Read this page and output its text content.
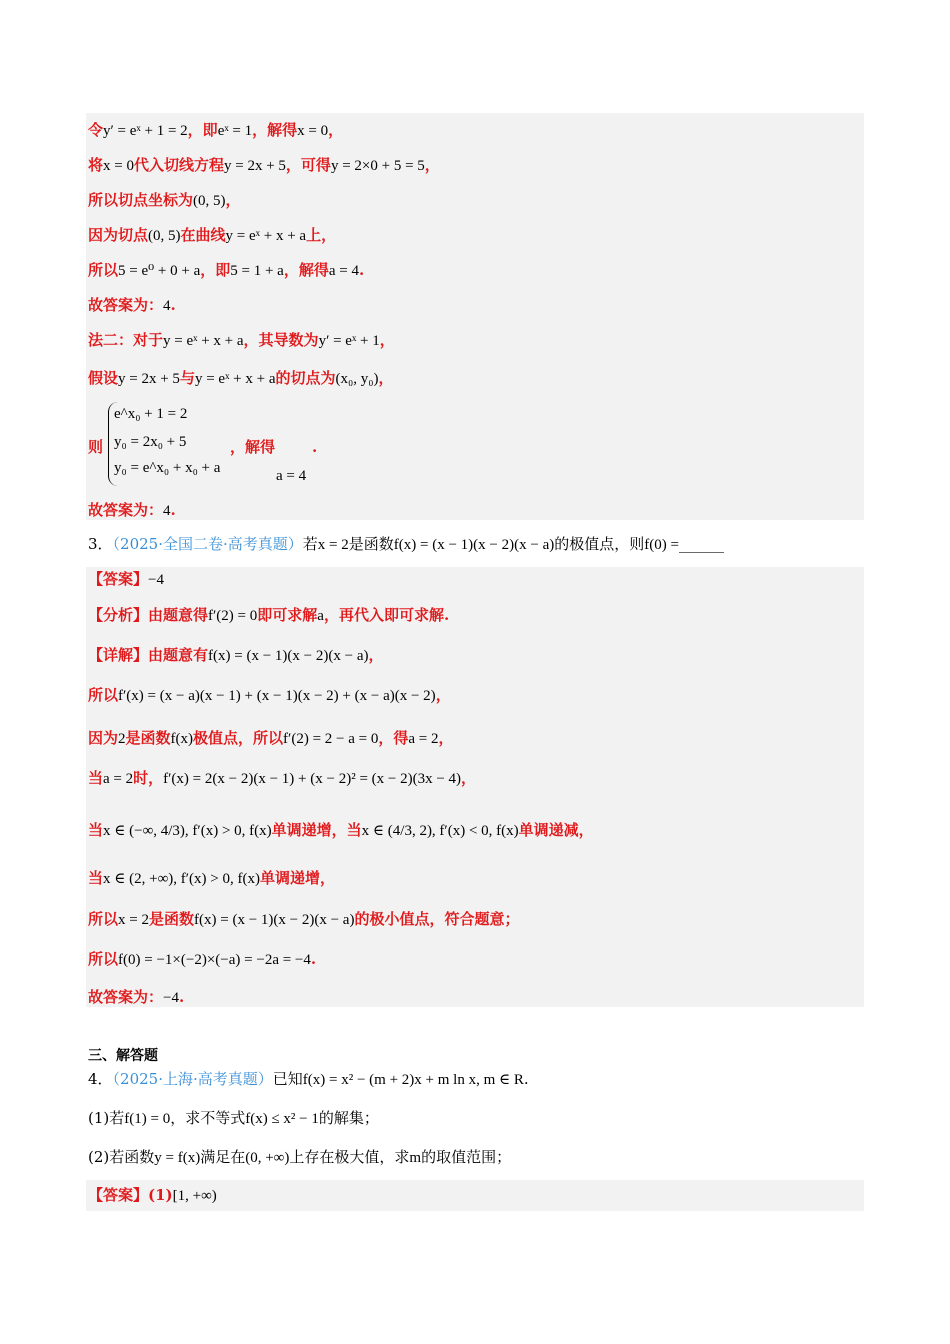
令y′ = eˣ + 1 = 2，即eˣ = 1，解得x = 0，
将x = 0代入切线方程y = 2x + 5，可得y = 2×0 + 5 = 5，
所以切点坐标为(0, 5)，
因为切点(0, 5)在曲线y = eˣ + x + a上，
所以5 = e⁰ + 0 + a，即5 = 1 + a，解得a = 4.
故答案为：4.
法二：对于y = eˣ + x + a，其导数为y′ = eˣ + 1，
假设y = 2x + 5与y = eˣ + x + a的切点为(x₀, y₀)，
则
e^x₀ + 1 = 2
y₀ = 2x₀ + 5
y₀ = e^x₀ + x₀ + a
，解得 .
a = 4
故答案为：4.
3．（2025·全国二卷·高考真题）若x = 2是函数f(x) = (x − 1)(x − 2)(x − a)的极值点，则f(0) =______
【答案】−4
【分析】由题意得f′(2) = 0即可求解a，再代入即可求解.
【详解】由题意有f(x) = (x − 1)(x − 2)(x − a)，
所以f′(x) = (x − a)(x − 1) + (x − 1)(x − 2) + (x − a)(x − 2)，
因为2是函数f(x)极值点，所以f′(2) = 2 − a = 0，得a = 2，
当a = 2时，f′(x) = 2(x − 2)(x − 1) + (x − 2)² = (x − 2)(3x − 4)，
当x ∈ (−∞, 4/3), f′(x) > 0, f(x)单调递增，当x ∈ (4/3, 2), f′(x) < 0, f(x)单调递减，
当x ∈ (2, +∞), f′(x) > 0, f(x)单调递增，
所以x = 2是函数f(x) = (x − 1)(x − 2)(x − a)的极小值点，符合题意；
所以f(0) = −1×(−2)×(−a) = −2a = −4.
故答案为：−4.
三、解答题
4．（2025·上海·高考真题）已知f(x) = x² − (m + 2)x + m ln x, m ∈ R.
(1)若f(1) = 0，求不等式f(x) ≤ x² − 1的解集；
(2)若函数y = f(x)满足在(0, +∞)上存在极大值，求m的取值范围；
【答案】(1)[1, +∞)
